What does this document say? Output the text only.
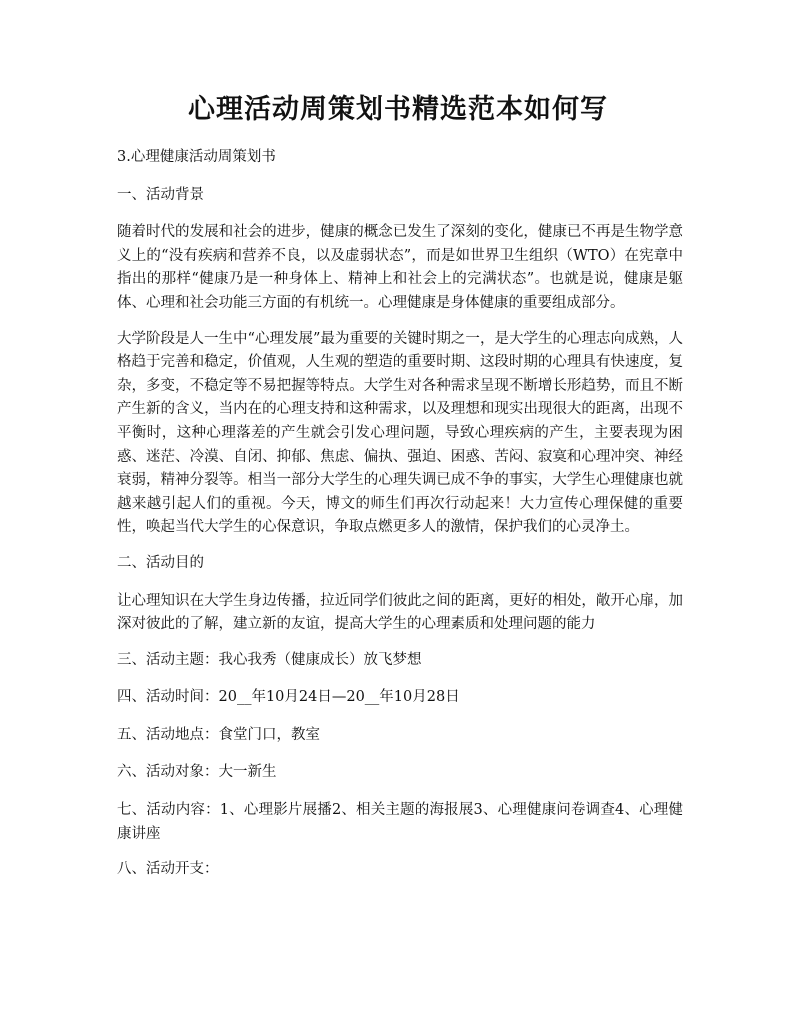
心理活动周策划书精选范本如何写

3.心理健康活动周策划书

一、活动背景

随着时代的发展和社会的进步，健康的概念已发生了深刻的变化，健康已不再是生物学意义上的“没有疾病和营养不良，以及虚弱状态”，而是如世界卫生组织（WTO）在宪章中指出的那样“健康乃是一种身体上、精神上和社会上的完满状态”。也就是说，健康是躯体、心理和社会功能三方面的有机统一。心理健康是身体健康的重要组成部分。

大学阶段是人一生中“心理发展”最为重要的关键时期之一，是大学生的心理志向成熟，人格趋于完善和稳定，价值观，人生观的塑造的重要时期、这段时期的心理具有快速度，复杂，多变，不稳定等不易把握等特点。大学生对各种需求呈现不断增长形趋势，而且不断产生新的含义，当内在的心理支持和这种需求，以及理想和现实出现很大的距离，出现不平衡时，这种心理落差的产生就会引发心理问题，导致心理疾病的产生，主要表现为困惑、迷茫、冷漠、自闭、抑郁、焦虑、偏执、强迫、困惑、苦闷、寂寞和心理冲突、神经衰弱，精神分裂等。相当一部分大学生的心理失调已成不争的事实，大学生心理健康也就越来越引起人们的重视。今天，博文的师生们再次行动起来！大力宣传心理保健的重要性，唤起当代大学生的心保意识，争取点燃更多人的激情，保护我们的心灵净土。

二、活动目的

让心理知识在大学生身边传播，拉近同学们彼此之间的距离，更好的相处，敞开心扉，加深对彼此的了解，建立新的友谊，提高大学生的心理素质和处理问题的能力

三、活动主题：我心我秀（健康成长）放飞梦想

四、活动时间：20__年10月24日—20__年10月28日

五、活动地点：食堂门口，教室

六、活动对象：大一新生

七、活动内容：1、心理影片展播2、相关主题的海报展3、心理健康问卷调查4、心理健康讲座

八、活动开支：
